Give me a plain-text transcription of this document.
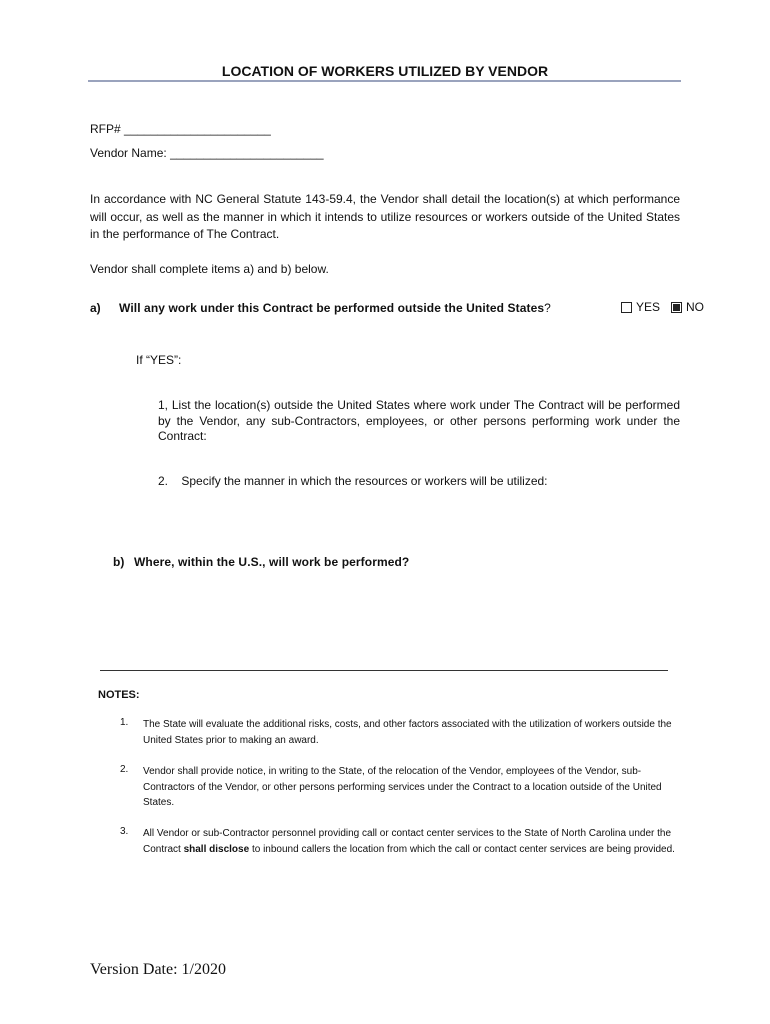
LOCATION OF WORKERS UTILIZED BY VENDOR
RFP# ______________________
Vendor Name: _______________________
In accordance with NC General Statute 143-59.4, the Vendor shall detail the location(s) at which performance will occur, as well as the manner in which it intends to utilize resources or workers outside of the United States in the performance of The Contract.
Vendor shall complete items a) and b) below.
a) Will any work under this Contract be performed outside the United States?	YES NO
If “YES”:
1, List the location(s) outside the United States where work under The Contract will be performed by the Vendor, any sub-Contractors, employees, or other persons performing work under the Contract:
2. Specify the manner in which the resources or workers will be utilized:
b) Where, within the U.S., will work be performed?
NOTES:
1. The State will evaluate the additional risks, costs, and other factors associated with the utilization of workers outside the United States prior to making an award.
2. Vendor shall provide notice, in writing to the State, of the relocation of the Vendor, employees of the Vendor, sub-Contractors of the Vendor, or other persons performing services under the Contract to a location outside of the United States.
3. All Vendor or sub-Contractor personnel providing call or contact center services to the State of North Carolina under the Contract shall disclose to inbound callers the location from which the call or contact center services are being provided.
Version Date: 1/2020
